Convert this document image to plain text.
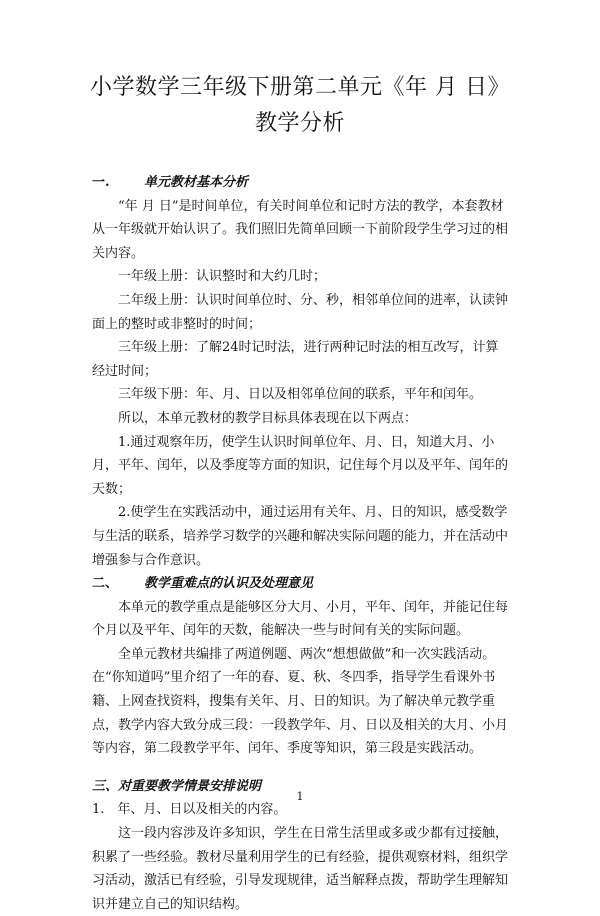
小学数学三年级下册第二单元《年 月 日》
教学分析

一.	单元教材基本分析

“年 月 日”是时间单位，有关时间单位和记时方法的教学，本套教材从一年级就开始认识了。我们照旧先简单回顾一下前阶段学生学习过的相关内容。

一年级上册：认识整时和大约几时；

二年级上册：认识时间单位时、分、秒，相邻单位间的进率，认读钟面上的整时或非整时的时间；

三年级上册：了解24时记时法，进行两种记时法的相互改写，计算经过时间；

三年级下册：年、月、日以及相邻单位间的联系，平年和闰年。

所以，本单元教材的教学目标具体表现在以下两点：

1.通过观察年历，使学生认识时间单位年、月、日，知道大月、小月，平年、闰年，以及季度等方面的知识，记住每个月以及平年、闰年的天数；

2.使学生在实践活动中，通过运用有关年、月、日的知识，感受数学与生活的联系，培养学习数学的兴趣和解决实际问题的能力，并在活动中增强参与合作意识。

二、 教学重难点的认识及处理意见

本单元的教学重点是能够区分大月、小月，平年、闰年，并能记住每个月以及平年、闰年的天数，能解决一些与时间有关的实际问题。

全单元教材共编排了两道例题、两次“想想做做”和一次实践活动。在“你知道吗”里介绍了一年的春、夏、秋、冬四季，指导学生看课外书籍、上网查找资料，搜集有关年、月、日的知识。为了解决单元教学重点，教学内容大致分成三段：一段教学年、月、日以及相关的大月、小月等内容，第二段教学平年、闰年、季度等知识，第三段是实践活动。

三、对重要教学情景安排说明

1.　年、月、日以及相关的内容。

这一段内容涉及许多知识，学生在日常生活里或多或少都有过接触，积累了一些经验。教材尽量利用学生的已有经验，提供观察材料，组织学习活动，激活已有经验，引导发现规律，适当解释点拨，帮助学生理解知识并建立自己的知识结构。

1
